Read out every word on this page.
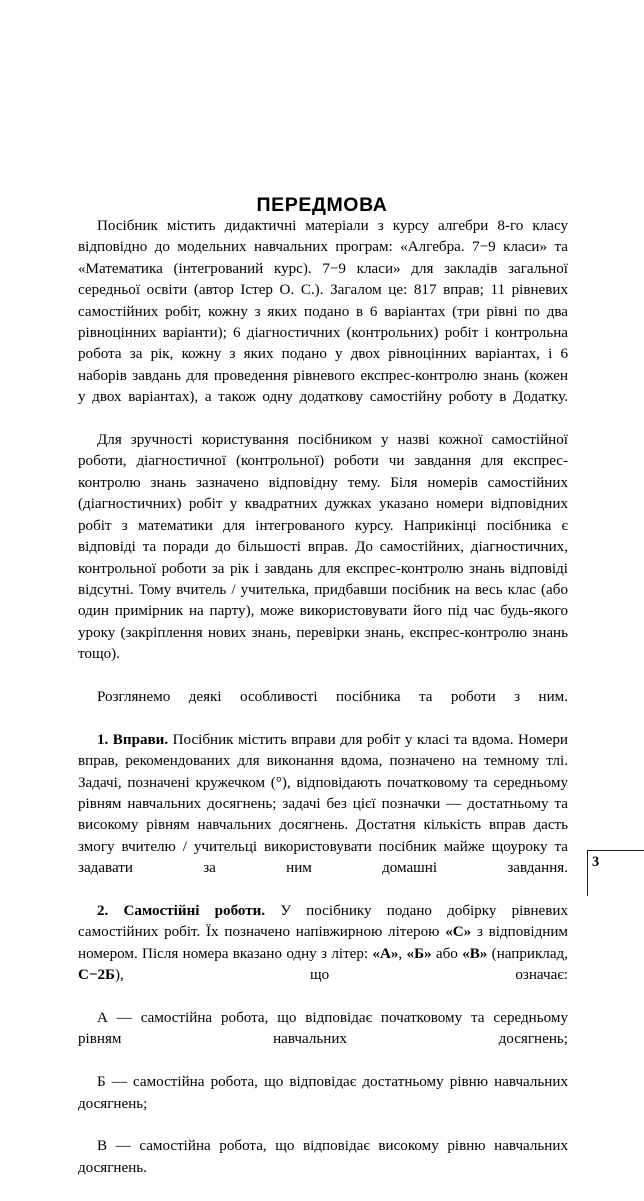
ПЕРЕДМОВА

Посібник містить дидактичні матеріали з курсу алгебри 8-го класу відповідно до модельних навчальних програм: «Алгебра. 7−9 класи» та «Математика (інтегрований курс). 7−9 класи» для закладів загальної середньої освіти (автор Істер О. С.). Загалом це: 817 вправ; 11 рівневих самостійних робіт, кожну з яких подано в 6 варіантах (три рівні по два рівноцінних варіанти); 6 діагностичних (контрольних) робіт і контрольна робота за рік, кожну з яких подано у двох рівноцінних варіантах, і 6 наборів завдань для проведення рівневого експрес-контролю знань (кожен у двох варіантах), а також одну додаткову самостійну роботу в Додатку.

Для зручності користування посібником у назві кожної самостійної роботи, діагностичної (контрольної) роботи чи завдання для експрес-контролю знань зазначено відповідну тему. Біля номерів самостійних (діагностичних) робіт у квадратних дужках указано номери відповідних робіт з математики для інтегрованого курсу. Наприкінці посібника є відповіді та поради до більшості вправ. До самостійних, діагностичних, контрольної роботи за рік і завдань для експрес-контролю знань відповіді відсутні. Тому вчитель / учителька, придбавши посібник на весь клас (або один примірник на парту), може використовувати його під час будь-якого уроку (закріплення нових знань, перевірки знань, експрес-контролю знань тощо).

Розглянемо деякі особливості посібника та роботи з ним.

1. Вправи. Посібник містить вправи для робіт у класі та вдома. Номери вправ, рекомендованих для виконання вдома, позначено на темному тлі. Задачі, позначені кружечком (°), відповідають початковому та середньому рівням навчальних досягнень; задачі без цієї позначки — достатньому та високому рівням навчальних досягнень. Достатня кількість вправ дасть змогу вчителю / учительці використовувати посібник майже щоуроку та задавати за ним домашні завдання.

2. Самостійні роботи. У посібнику подано добірку рівневих самостійних робіт. Їх позначено напівжирною літерою «С» з відповідним номером. Після номера вказано одну з літер: «А», «Б» або «В» (наприклад, С−2Б), що означає:

А — самостійна робота, що відповідає початковому та середньому рівням навчальних досягнень;

Б — самостійна робота, що відповідає достатньому рівню навчальних досягнень;

В — самостійна робота, що відповідає високому рівню навчальних досягнень.

3
